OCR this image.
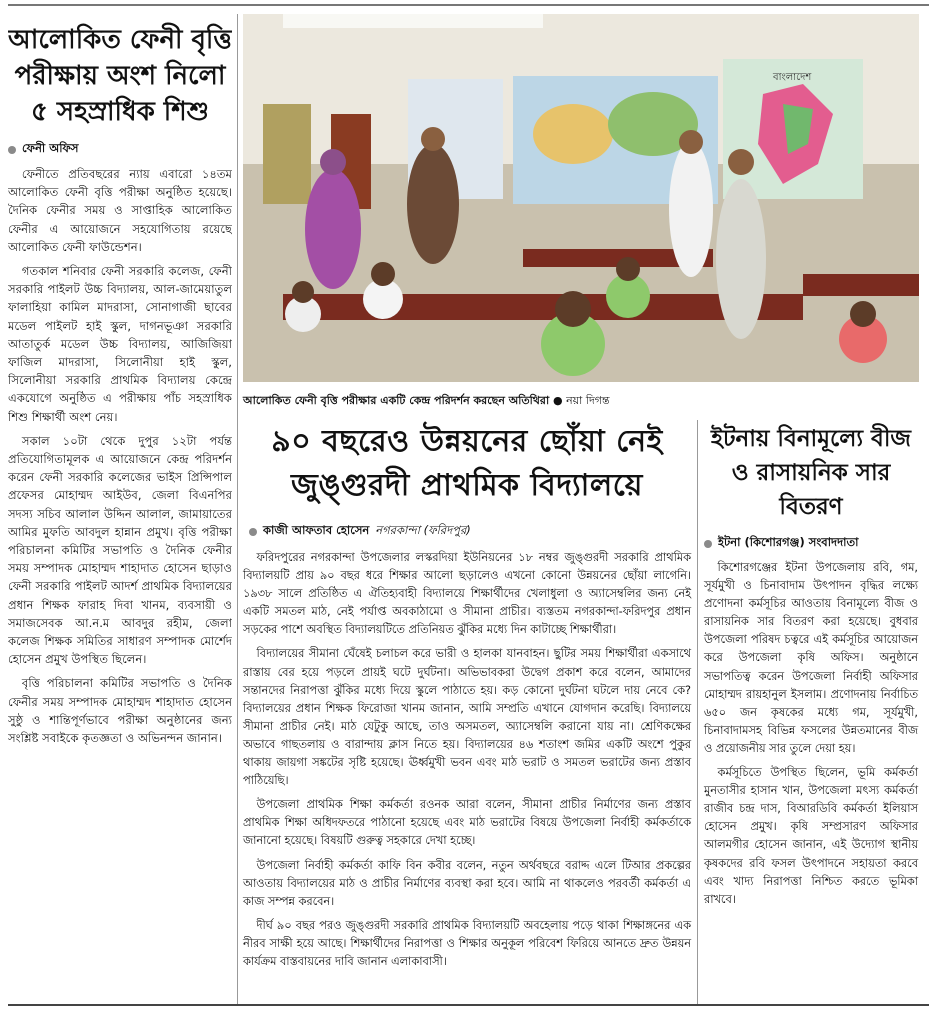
আলোকিত ফেনী বৃত্তি পরীক্ষায় অংশ নিলো ৫ সহস্রাধিক শিশু
ফেনী অফিস

ফেনীতে প্রতিবছরের ন্যায় এবারো ১৪তম আলোকিত ফেনী বৃত্তি পরীক্ষা অনুষ্ঠিত হয়েছে। দৈনিক ফেনীর সময় ও সাপ্তাহিক আলোকিত ফেনীর এ আয়োজনে সহযোগিতায় রয়েছে আলোকিত ফেনী ফাউন্ডেশন।

গতকাল শনিবার ফেনী সরকারি কলেজ, ফেনী সরকারি পাইলট উচ্চ বিদ্যালয়, আল-জামেয়াতুল ফালাহিয়া কামিল মাদরাসা, সোনাগাজী ছাবের মডেল পাইলট হাই স্কুল, দাগনভূঞা সরকারি আতাতুর্ক মডেল উচ্চ বিদ্যালয়, আজিজিয়া ফাজিল মাদরাসা, সিলোনীয়া হাই স্কুল, সিলোনীয়া সরকারি প্রাথমিক বিদ্যালয় কেন্দ্রে একযোগে অনুষ্ঠিত এ পরীক্ষায় পাঁচ সহস্রাধিক শিশু শিক্ষার্থী অংশ নেয়।

সকাল ১০টা থেকে দুপুর ১২টা পর্যন্ত প্রতিযোগিতামূলক এ আয়োজনে কেন্দ্র পরিদর্শন করেন ফেনী সরকারি কলেজের ভাইস প্রিন্সিপাল প্রফেসর মোহাম্মদ আইউব, জেলা বিএনপির সদস্য সচিব আলাল উদ্দিন আলাল, জামায়াতের আমির মুফতি আবদুল হান্নান প্রমুখ। বৃত্তি পরীক্ষা পরিচালনা কমিটির সভাপতি ও দৈনিক ফেনীর সময় সম্পাদক মোহাম্মদ শাহাদাত হোসেন ছাড়াও ফেনী সরকারি পাইলট আদর্শ প্রাথমিক বিদ্যালয়ের প্রধান শিক্ষক ফারাহ দিবা খানম, ব্যবসায়ী ও সমাজসেবক আ.ন.ম আবদুর রহীম, জেলা কলেজ শিক্ষক সমিতির সাধারণ সম্পাদক মোর্শেদ হোসেন প্রমুখ উপস্থিত ছিলেন।

বৃত্তি পরিচালনা কমিটির সভাপতি ও দৈনিক ফেনীর সময় সম্পাদক মোহাম্মদ শাহাদাত হোসেন সুষ্ঠু ও শান্তিপূর্ণভাবে পরীক্ষা অনুষ্ঠানের জন্য সংশ্লিষ্ট সবাইকে কৃতজ্ঞতা ও অভিনন্দন জানান।

বাংলাদেশ
আলোকিত ফেনী বৃত্তি পরীক্ষার একটি কেন্দ্র পরিদর্শন করছেন অতিথিরা ● নয়া দিগন্ত
৯০ বছরেও উন্নয়নের ছোঁয়া নেই
জুঙ্গুরদী প্রাথমিক বিদ্যালয়ে
কাজী আফতাব হোসেন নগরকান্দা (ফরিদপুর)

ফরিদপুরের নগরকান্দা উপজেলার লস্করদিয়া ইউনিয়নের ১৮ নম্বর জুঙ্গুরদী সরকারি প্রাথমিক বিদ্যালয়টি প্রায় ৯০ বছর ধরে শিক্ষার আলো ছড়ালেও এখনো কোনো উন্নয়নের ছোঁয়া লাগেনি। ১৯৩৮ সালে প্রতিষ্ঠিত এ ঐতিহ্যবাহী বিদ্যালয়ে শিক্ষার্থীদের খেলাধুলা ও অ্যাসেম্বলির জন্য নেই একটি সমতল মাঠ, নেই পর্যাপ্ত অবকাঠামো ও সীমানা প্রাচীর। ব্যস্ততম নগরকান্দা-ফরিদপুর প্রধান সড়কের পাশে অবস্থিত বিদ্যালয়টিতে প্রতিনিয়ত ঝুঁকির মধ্যে দিন কাটাচ্ছে শিক্ষার্থীরা।

বিদ্যালয়ের সীমানা ঘেঁষেই চলাচল করে ভারী ও হালকা যানবাহন। ছুটির সময় শিক্ষার্থীরা একসাথে রাস্তায় বের হয়ে পড়লে প্রায়ই ঘটে দুর্ঘটনা। অভিভাবকরা উদ্বেগ প্রকাশ করে বলেন, আমাদের সন্তানদের নিরাপত্তা ঝুঁকির মধ্যে দিয়ে স্কুলে পাঠাতে হয়। কড় কোনো দুর্ঘটনা ঘটলে দায় নেবে কে? বিদ্যালয়ের প্রধান শিক্ষক ফিরোজা খানম জানান, আমি সম্প্রতি এখানে যোগদান করেছি। বিদ্যালয়ে সীমানা প্রাচীর নেই। মাঠ যেটুকু আছে, তাও অসমতল, অ্যাসেম্বলি করানো যায় না। শ্রেণিকক্ষের অভাবে গাছতলায় ও বারান্দায় ক্লাস নিতে হয়। বিদ্যালয়ের ৪৬ শতাংশ জমির একটি অংশে পুকুর থাকায় জায়গা সঙ্কটের সৃষ্টি হয়েছে। ঊর্ধ্বমুখী ভবন এবং মাঠ ভরাট ও সমতল ভরাটের জন্য প্রস্তাব পাঠিয়েছি।

উপজেলা প্রাথমিক শিক্ষা কর্মকর্তা রওনক আরা বলেন, সীমানা প্রাচীর নির্মাণের জন্য প্রস্তাব প্রাথমিক শিক্ষা অধিদফতরে পাঠানো হয়েছে এবং মাঠ ভরাটের বিষয়ে উপজেলা নির্বাহী কর্মকর্তাকে জানানো হয়েছে। বিষয়টি গুরুত্ব সহকারে দেখা হচ্ছে।

উপজেলা নির্বাহী কর্মকর্তা কাফি বিন কবীর বলেন, নতুন অর্থবছরে বরাদ্দ এলে টিআর প্রকল্পের আওতায় বিদ্যালয়ের মাঠ ও প্রাচীর নির্মাণের ব্যবস্থা করা হবে। আমি না থাকলেও পরবর্তী কর্মকর্তা এ কাজ সম্পন্ন করবেন।

দীর্ঘ ৯০ বছর পরও জুঙ্গুরদী সরকারি প্রাথমিক বিদ্যালয়টি অবহেলায় পড়ে থাকা শিক্ষাঙ্গনের এক নীরব সাক্ষী হয়ে আছে। শিক্ষার্থীদের নিরাপত্তা ও শিক্ষার অনুকূল পরিবেশ ফিরিয়ে আনতে দ্রুত উন্নয়ন কার্যক্রম বাস্তবায়নের দাবি জানান এলাকাবাসী।

ইটনায় বিনামূল্যে বীজ ও রাসায়নিক সার বিতরণ
ইটনা (কিশোরগঞ্জ) সংবাদদাতা

কিশোরগঞ্জের ইটনা উপজেলায় রবি, গম, সূর্যমুখী ও চিনাবাদাম উৎপাদন বৃদ্ধির লক্ষ্যে প্রণোদনা কর্মসূচির আওতায় বিনামূল্যে বীজ ও রাসায়নিক সার বিতরণ করা হয়েছে। বুধবার উপজেলা পরিষদ চত্বরে এই কর্মসূচির আয়োজন করে উপজেলা কৃষি অফিস। অনুষ্ঠানে সভাপতিত্ব করেন উপজেলা নির্বাহী অফিসার মোহাম্মদ রায়হানুল ইসলাম। প্রণোদনায় নির্বাচিত ৬৫০ জন কৃষকের মধ্যে গম, সূর্যমুখী, চিনাবাদামসহ বিভিন্ন ফসলের উন্নতমানের বীজ ও প্রয়োজনীয় সার তুলে দেয়া হয়।

কর্মসূচিতে উপস্থিত ছিলেন, ভূমি কর্মকর্তা মুনতাসীর হাসান খান, উপজেলা মৎস্য কর্মকর্তা রাজীব চন্দ্র দাস, বিআরডিবি কর্মকর্তা ইলিয়াস হোসেন প্রমুখ। কৃষি সম্প্রসারণ অফিসার আলমগীর হোসেন জানান, এই উদ্যোগ স্থানীয় কৃষকদের রবি ফসল উৎপাদনে সহায়তা করবে এবং খাদ্য নিরাপত্তা নিশ্চিত করতে ভূমিকা রাখবে।
